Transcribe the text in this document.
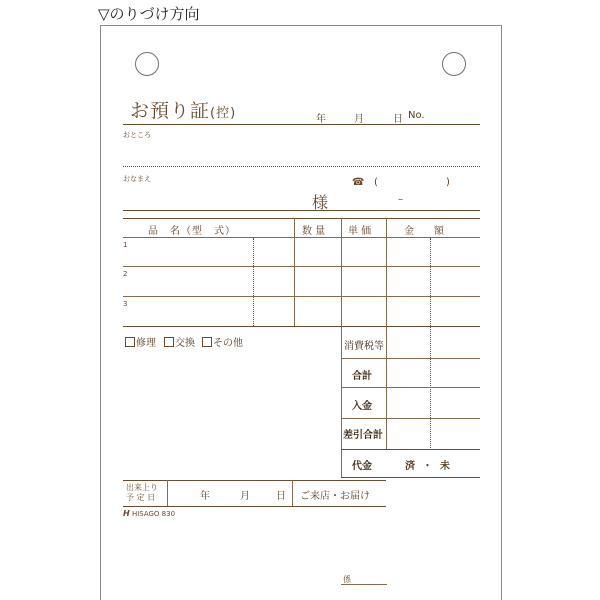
▽のりづけ方向
お預り証(控)	年	月	日 No.
おところ
おなまえ	☎ (	)
様	–
品　名（型　式）	数 量 単 価	金　　額
1
2
3
修理	交換	その他	消費税等
合計
入金
差引合計
代金	済 ・ 未
出来上り
予 定 日	年	月	日 ご来店・お届け
H HISAGO 830
係
